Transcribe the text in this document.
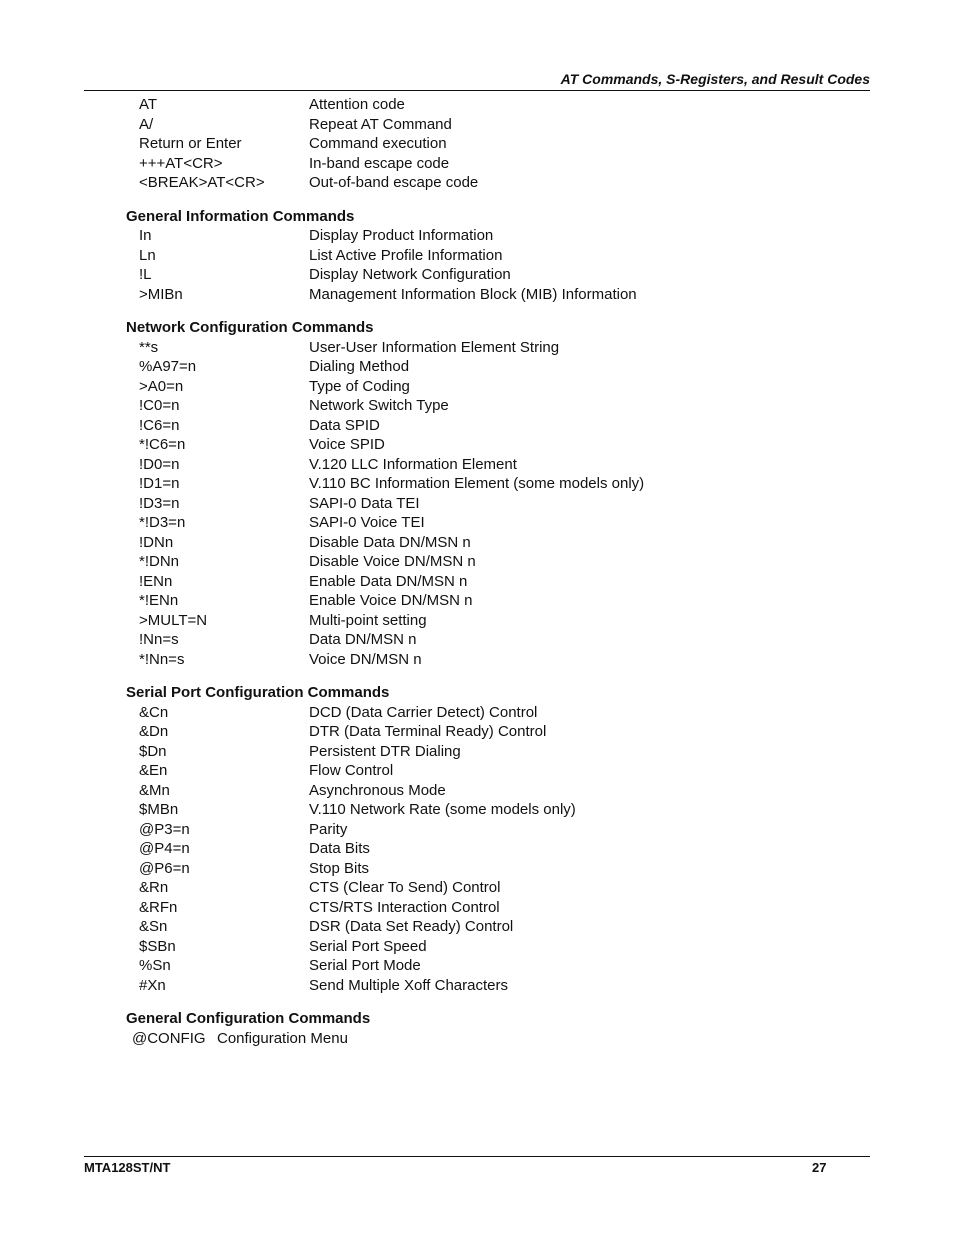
AT Commands, S-Registers, and Result Codes
AT	Attention code
A/	Repeat AT Command
Return or Enter	Command execution
+++AT<CR>	In-band escape code
<BREAK>AT<CR>	Out-of-band escape code
General Information Commands
In	Display Product Information
Ln	List Active Profile Information
!L	Display Network Configuration
>MIBn	Management Information Block (MIB) Information
Network Configuration Commands
**s	User-User Information Element String
%A97=n	Dialing Method
>A0=n	Type of Coding
!C0=n	Network Switch Type
!C6=n	Data SPID
*!C6=n	Voice SPID
!D0=n	V.120 LLC Information Element
!D1=n	V.110 BC Information Element (some models only)
!D3=n	SAPI-0 Data TEI
*!D3=n	SAPI-0 Voice TEI
!DNn	Disable Data DN/MSN n
*!DNn	Disable Voice DN/MSN n
!ENn	Enable Data DN/MSN n
*!ENn	Enable Voice DN/MSN n
>MULT=N	Multi-point setting
!Nn=s	Data DN/MSN n
*!Nn=s	Voice DN/MSN n
Serial Port Configuration Commands
&Cn	DCD (Data Carrier Detect) Control
&Dn	DTR (Data Terminal Ready) Control
$Dn	Persistent DTR Dialing
&En	Flow Control
&Mn	Asynchronous Mode
$MBn	V.110 Network Rate (some models only)
@P3=n	Parity
@P4=n	Data Bits
@P6=n	Stop Bits
&Rn	CTS (Clear To Send) Control
&RFn	CTS/RTS Interaction Control
&Sn	DSR (Data Set Ready) Control
$SBn	Serial Port Speed
%Sn	Serial Port Mode
#Xn	Send Multiple Xoff Characters
General Configuration Commands
@CONFIG Configuration Menu
MTA128ST/NT	27
